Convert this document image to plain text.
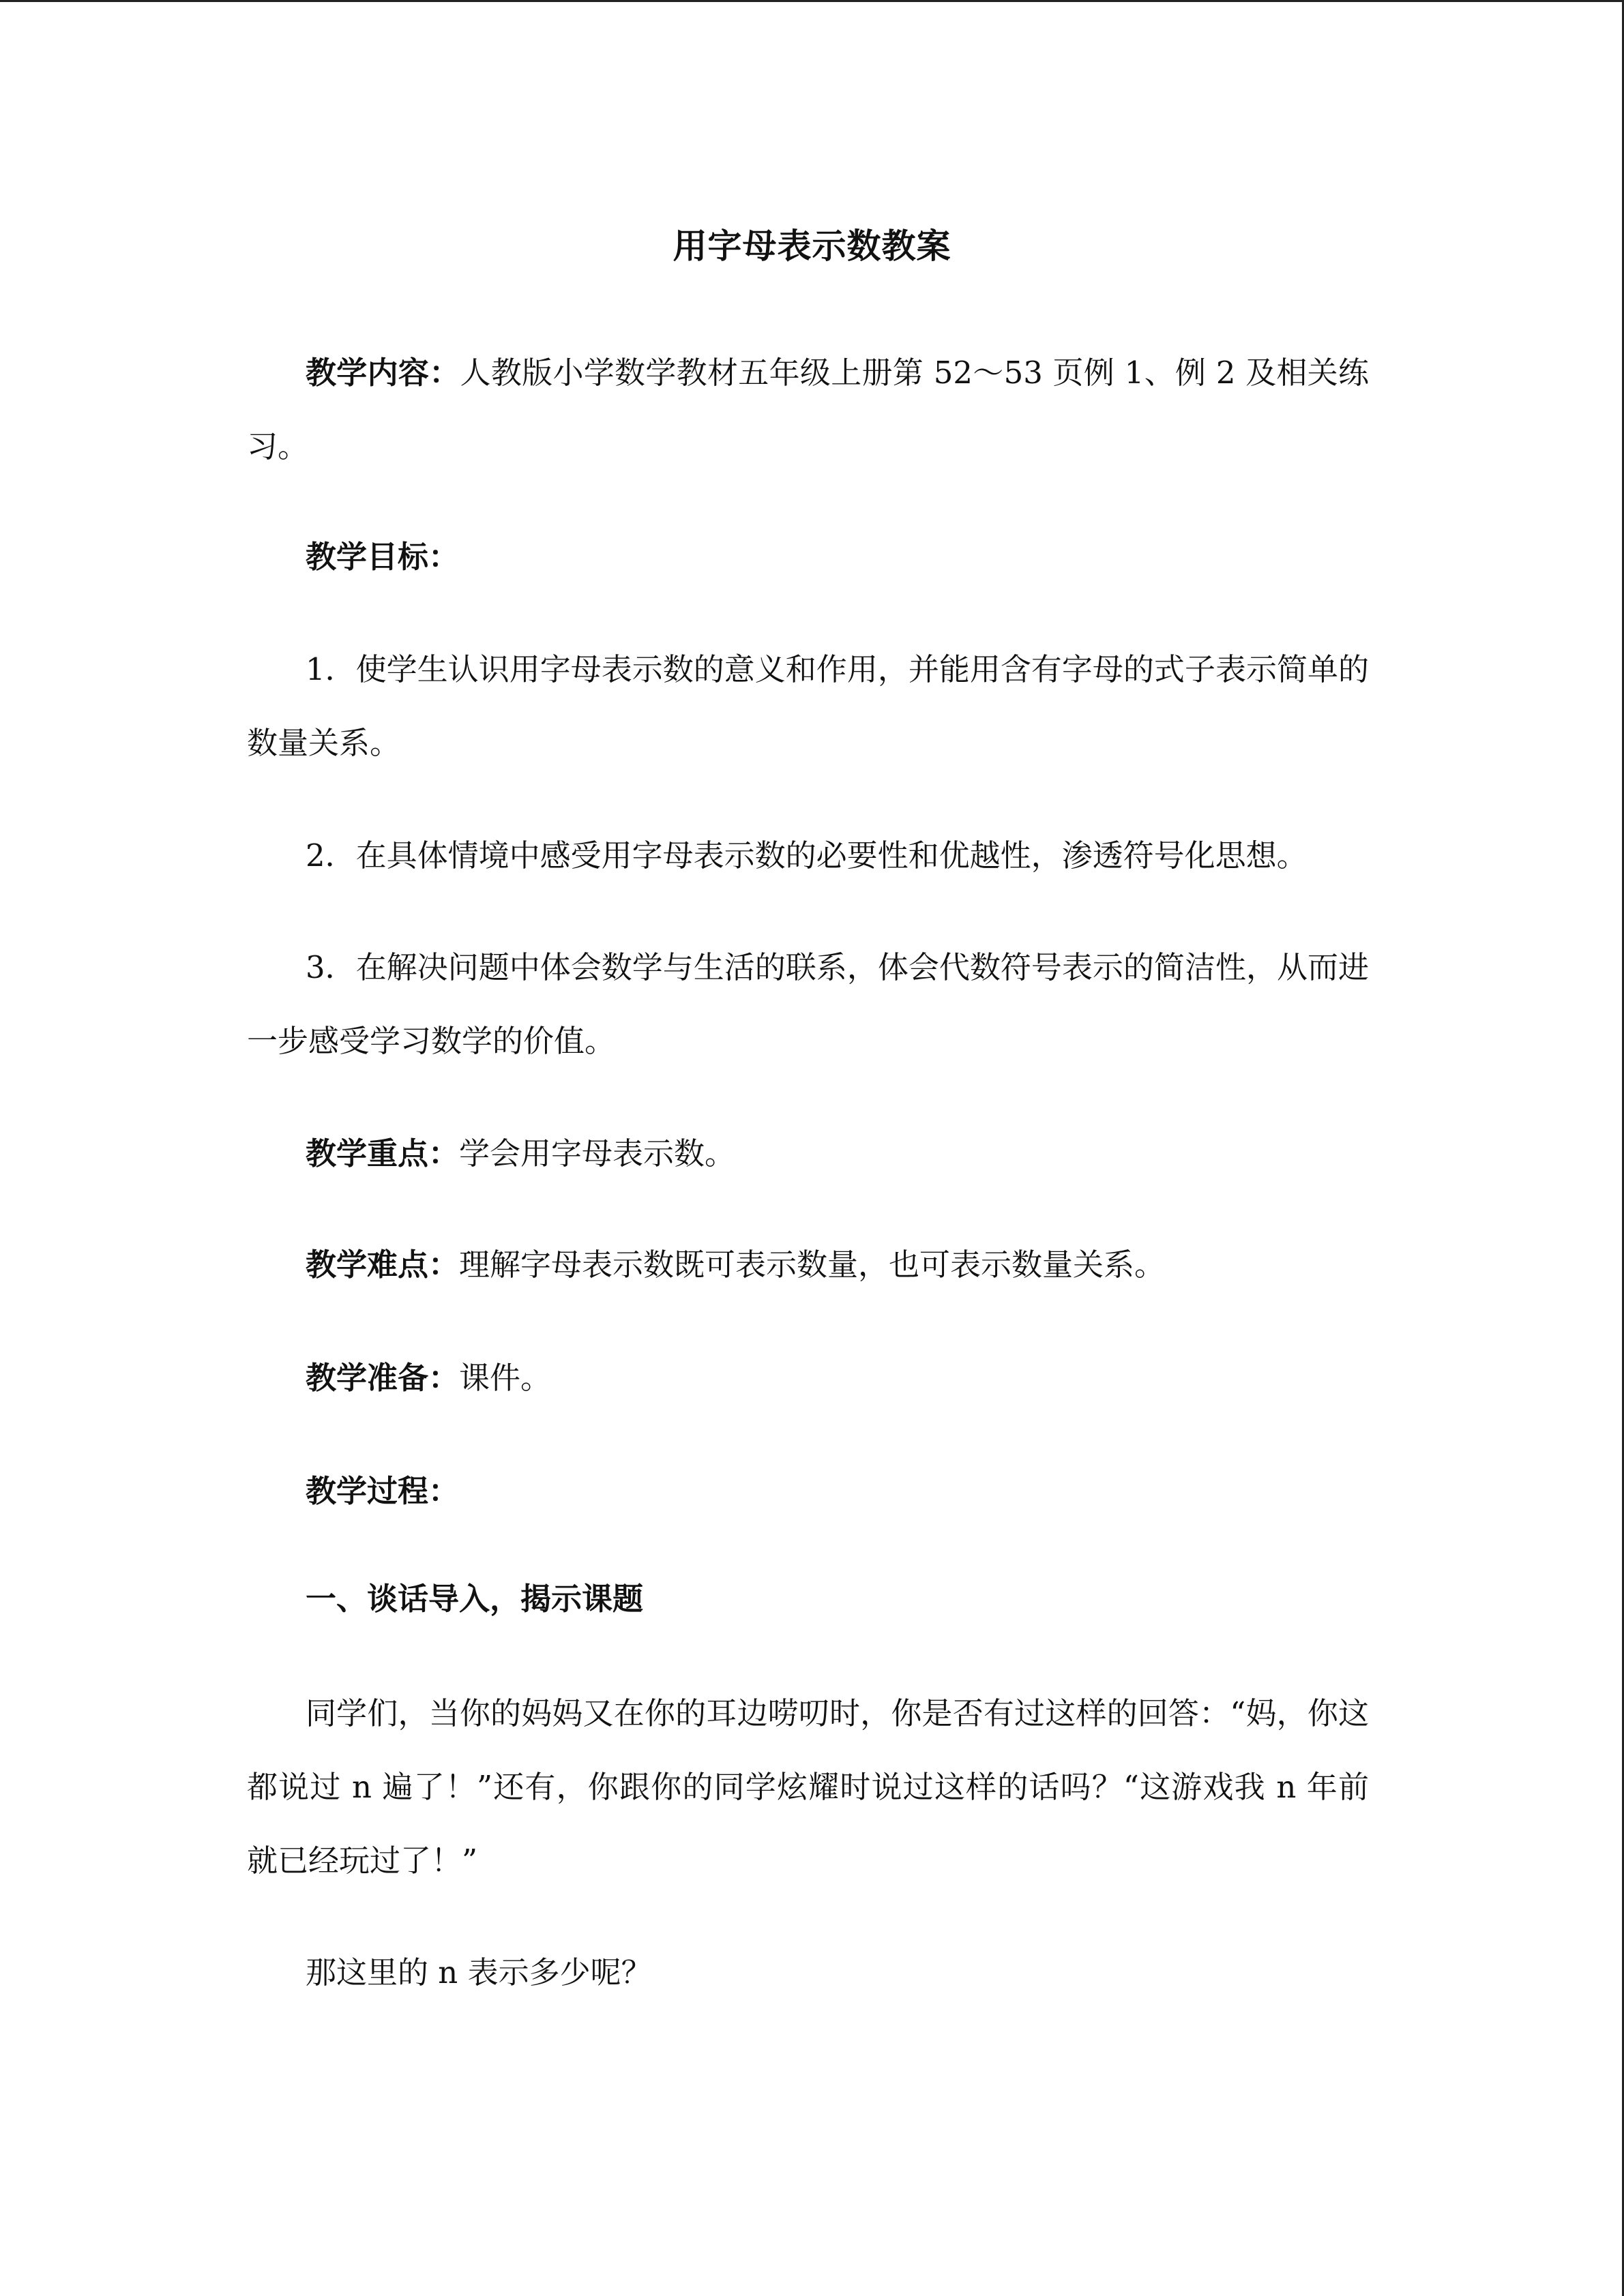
用字母表示数教案

教学内容：人教版小学数学教材五年级上册第 52～53 页例 1、例 2 及相关练习。

教学目标：

1．使学生认识用字母表示数的意义和作用，并能用含有字母的式子表示简单的数量关系。

2．在具体情境中感受用字母表示数的必要性和优越性，渗透符号化思想。

3．在解决问题中体会数学与生活的联系，体会代数符号表示的简洁性，从而进一步感受学习数学的价值。

教学重点：学会用字母表示数。

教学难点：理解字母表示数既可表示数量，也可表示数量关系。

教学准备：课件。

教学过程：

一、谈话导入，揭示课题

同学们，当你的妈妈又在你的耳边唠叨时，你是否有过这样的回答：“妈，你这都说过 n 遍了！”还有，你跟你的同学炫耀时说过这样的话吗？“这游戏我 n 年前就已经玩过了！”

那这里的 n 表示多少呢？
